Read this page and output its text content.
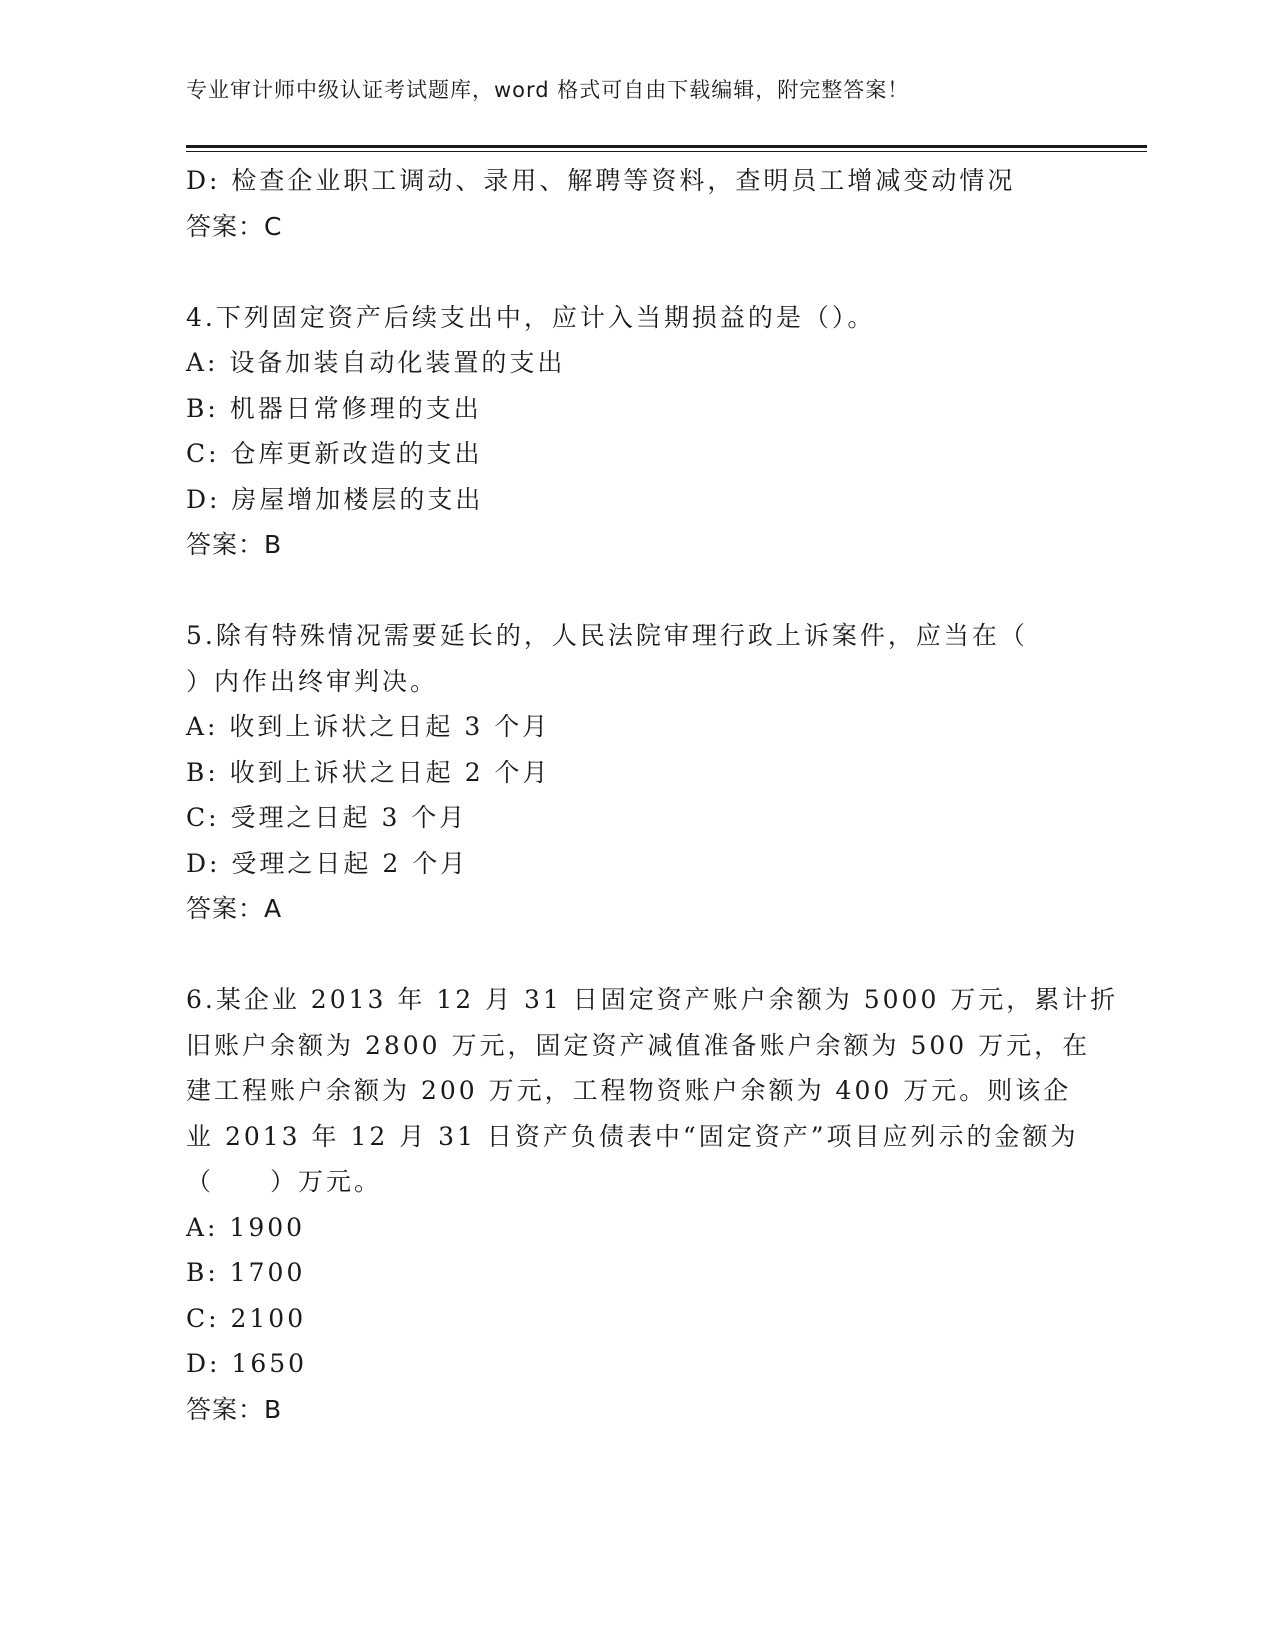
专业审计师中级认证考试题库，word 格式可自由下载编辑，附完整答案！
D: 检查企业职工调动、录用、解聘等资料，查明员工增减变动情况
答案：C
4.下列固定资产后续支出中，应计入当期损益的是（）。
A: 设备加装自动化装置的支出
B: 机器日常修理的支出
C: 仓库更新改造的支出
D: 房屋增加楼层的支出
答案：B
5.除有特殊情况需要延长的，人民法院审理行政上诉案件，应当在（
）内作出终审判决。
A: 收到上诉状之日起 3 个月
B: 收到上诉状之日起 2 个月
C: 受理之日起 3 个月
D: 受理之日起 2 个月
答案：A
6.某企业 2013 年 12 月 31 日固定资产账户余额为 5000 万元，累计折
旧账户余额为 2800 万元，固定资产减值准备账户余额为 500 万元，在
建工程账户余额为 200 万元，工程物资账户余额为 400 万元。则该企
业 2013 年 12 月 31 日资产负债表中“固定资产”项目应列示的金额为
（　　）万元。
A: 1900
B: 1700
C: 2100
D: 1650
答案：B
